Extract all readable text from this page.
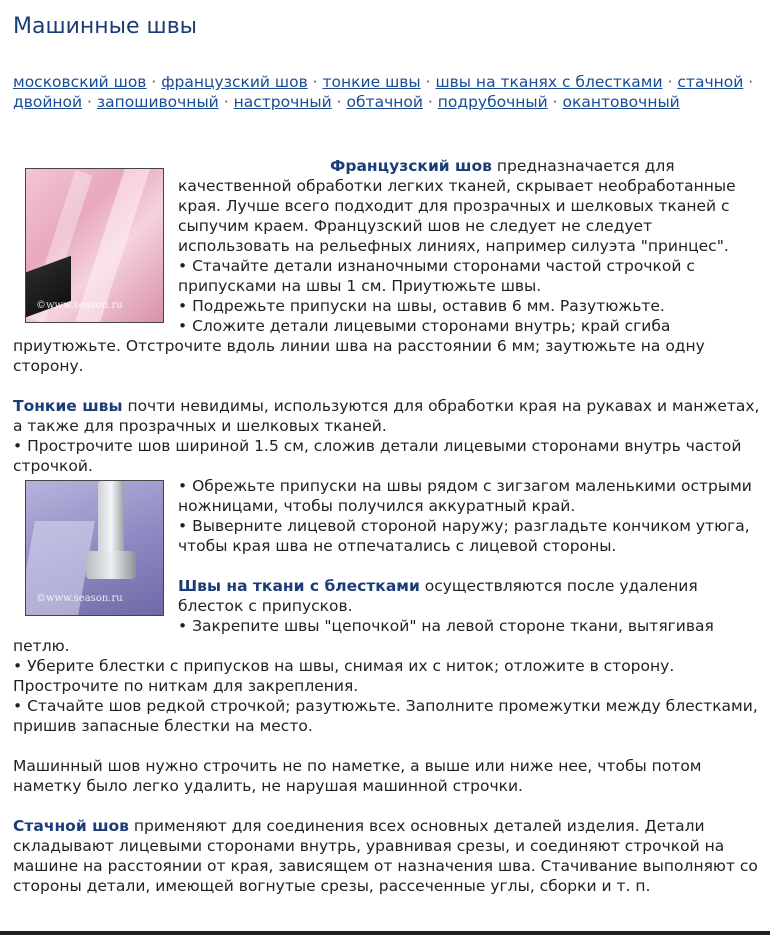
Машинные швы
московский шов · французский шов · тонкие швы · швы на тканях с блестками · стачной · двойной · запошивочный · настрочный · обтачной · подрубочный · окантовочный
©www.season.ru

Французский шов предназначается для качественной обработки легких тканей, скрывает необработанные края. Лучше всего подходит для прозрачных и шелковых тканей с сыпучим краем. Французский шов не следует не следует использовать на рельефных линиях, например силуэта "принцес".

• Стачайте детали изнаночными сторонами частой строчкой с припусками на швы 1 см. Приутюжьте швы.

• Подрежьте припуски на швы, оставив 6 мм. Разутюжьте.

• Сложите детали лицевыми сторонами внутрь; край сгиба приутюжьте. Отстрочите вдоль линии шва на расстоянии 6 мм; заутюжьте на одну сторону.

Тонкие швы почти невидимы, используются для обработки края на рукавах и манжетах, а также для прозрачных и шелковых тканей.

• Прострочите шов шириной 1.5 см, сложив детали лицевыми сторонами внутрь частой строчкой.

©www.season.ru

• Обрежьте припуски на швы рядом с зигзагом маленькими острыми ножницами, чтобы получился аккуратный край.

• Выверните лицевой стороной наружу; разгладьте кончиком утюга, чтобы края шва не отпечатались с лицевой стороны.

Швы на ткани с блестками осуществляются после удаления блесток с припусков.

• Закрепите швы "цепочкой" на левой стороне ткани, вытягивая петлю.

• Уберите блестки с припусков на швы, снимая их с ниток; отложите в сторону. Прострочите по ниткам для закрепления.

• Стачайте шов редкой строчкой; разутюжьте. Заполните промежутки между блестками, пришив запасные блестки на место.

Машинный шов нужно строчить не по наметке, а выше или ниже нее, чтобы потом наметку было легко удалить, не нарушая машинной строчки.

Стачной шов применяют для соединения всех основных деталей изделия. Детали складывают лицевыми сторонами внутрь, уравнивая срезы, и соединяют строчкой на машине на расстоянии от края, зависящем от назначения шва. Стачивание выполняют со стороны детали, имеющей вогнутые срезы, рассеченные углы, сборки и т. п.
